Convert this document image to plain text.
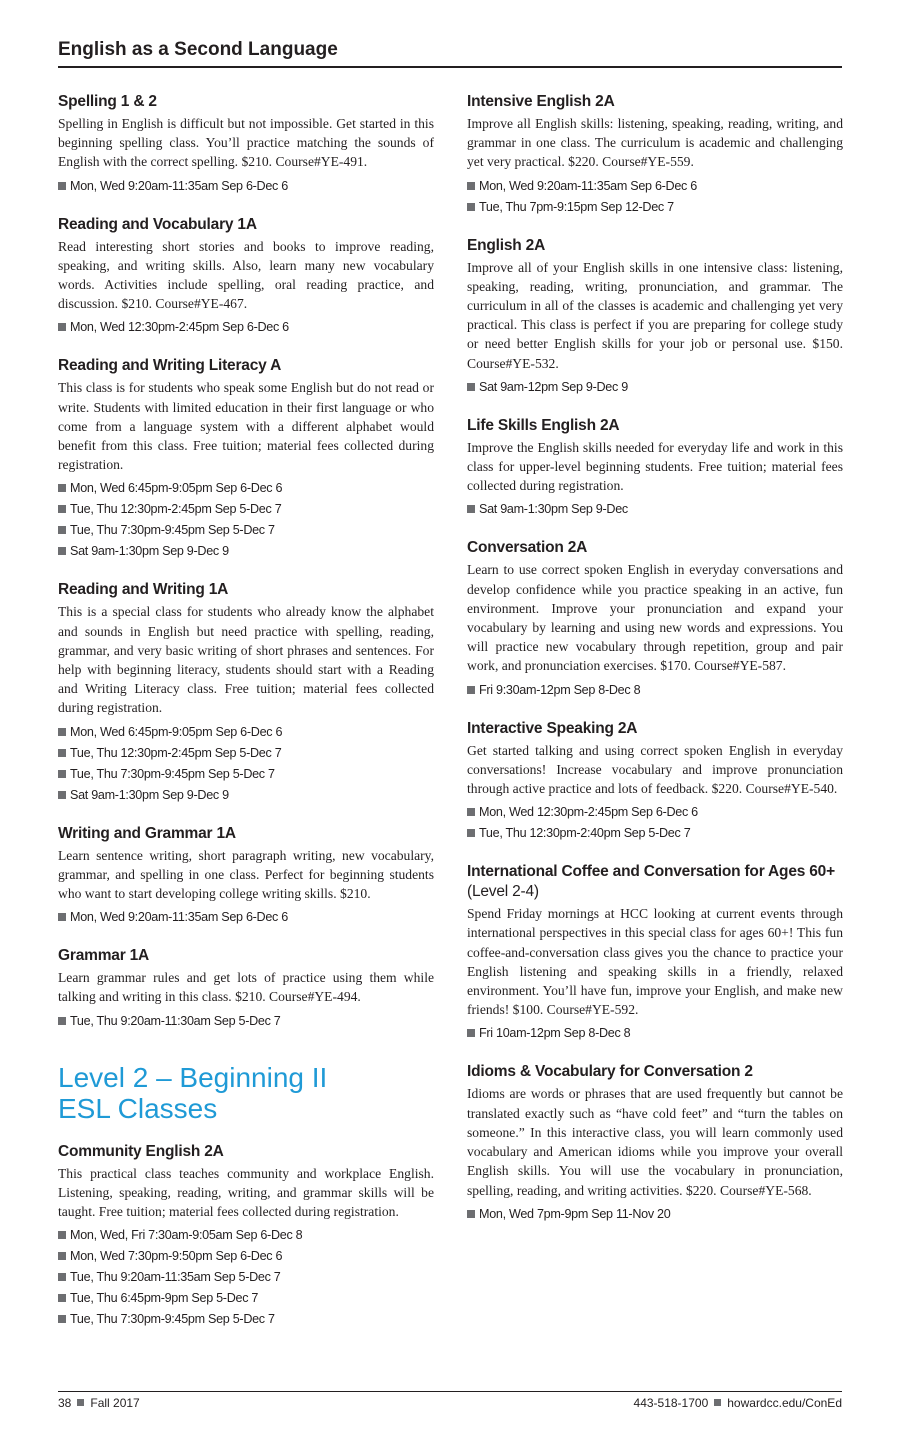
English as a Second Language
Spelling 1 & 2

Spelling in English is difficult but not impossible. Get started in this beginning spelling class. You’ll practice matching the sounds of English with the correct spelling. $210. Course#YE-491.

Mon, Wed 9:20am-11:35am Sep 6-Dec 6
Reading and Vocabulary 1A

Read interesting short stories and books to improve reading, speaking, and writing skills. Also, learn many new vocabulary words. Activities include spelling, oral reading practice, and discussion. $210. Course#YE-467.

Mon, Wed 12:30pm-2:45pm Sep 6-Dec 6
Reading and Writing Literacy A

This class is for students who speak some English but do not read or write. Students with limited education in their first language or who come from a language system with a different alphabet would benefit from this class. Free tuition; material fees collected during registration.

Mon, Wed 6:45pm-9:05pm Sep 6-Dec 6
Tue, Thu 12:30pm-2:45pm Sep 5-Dec 7
Tue, Thu 7:30pm-9:45pm Sep 5-Dec 7
Sat 9am-1:30pm Sep 9-Dec 9
Reading and Writing 1A

This is a special class for students who already know the alphabet and sounds in English but need practice with spelling, reading, grammar, and very basic writing of short phrases and sentences. For help with beginning literacy, students should start with a Reading and Writing Literacy class. Free tuition; material fees collected during registration.

Mon, Wed 6:45pm-9:05pm Sep 6-Dec 6
Tue, Thu 12:30pm-2:45pm Sep 5-Dec 7
Tue, Thu 7:30pm-9:45pm Sep 5-Dec 7
Sat 9am-1:30pm Sep 9-Dec 9
Writing and Grammar 1A

Learn sentence writing, short paragraph writing, new vocabulary, grammar, and spelling in one class. Perfect for beginning students who want to start developing college writing skills. $210.

Mon, Wed 9:20am-11:35am Sep 6-Dec 6
Grammar 1A

Learn grammar rules and get lots of practice using them while talking and writing in this class. $210. Course#YE-494.

Tue, Thu 9:20am-11:30am Sep 5-Dec 7
Level 2 – Beginning II
ESL Classes
Community English 2A

This practical class teaches community and workplace English. Listening, speaking, reading, writing, and grammar skills will be taught. Free tuition; material fees collected during registration.

Mon, Wed, Fri 7:30am-9:05am Sep 6-Dec 8
Mon, Wed 7:30pm-9:50pm Sep 6-Dec 6
Tue, Thu 9:20am-11:35am Sep 5-Dec 7
Tue, Thu 6:45pm-9pm Sep 5-Dec 7
Tue, Thu 7:30pm-9:45pm Sep 5-Dec 7
Intensive English 2A

Improve all English skills: listening, speaking, reading, writing, and grammar in one class. The curriculum is academic and challenging yet very practical. $220. Course#YE-559.

Mon, Wed 9:20am-11:35am Sep 6-Dec 6
Tue, Thu 7pm-9:15pm Sep 12-Dec 7
English 2A

Improve all of your English skills in one intensive class: listening, speaking, reading, writing, pronunciation, and grammar. The curriculum in all of the classes is academic and challenging yet very practical. This class is perfect if you are preparing for college study or need better English skills for your job or personal use. $150. Course#YE-532.

Sat 9am-12pm Sep 9-Dec 9
Life Skills English 2A

Improve the English skills needed for everyday life and work in this class for upper-level beginning students. Free tuition; material fees collected during registration.

Sat 9am-1:30pm Sep 9-Dec
Conversation 2A

Learn to use correct spoken English in everyday conversations and develop confidence while you practice speaking in an active, fun environment. Improve your pronunciation and expand your vocabulary by learning and using new words and expressions. You will practice new vocabulary through repetition, group and pair work, and pronunciation exercises. $170. Course#YE-587.

Fri 9:30am-12pm Sep 8-Dec 8
Interactive Speaking 2A

Get started talking and using correct spoken English in everyday conversations! Increase vocabulary and improve pronunciation through active practice and lots of feedback. $220. Course#YE-540.

Mon, Wed 12:30pm-2:45pm Sep 6-Dec 6
Tue, Thu 12:30pm-2:40pm Sep 5-Dec 7
International Coffee and Conversation for Ages 60+ (Level 2-4)

Spend Friday mornings at HCC looking at current events through international perspectives in this special class for ages 60+! This fun coffee-and-conversation class gives you the chance to practice your English listening and speaking skills in a friendly, relaxed environment. You’ll have fun, improve your English, and make new friends! $100. Course#YE-592.

Fri 10am-12pm Sep 8-Dec 8
Idioms & Vocabulary for Conversation 2

Idioms are words or phrases that are used frequently but cannot be translated exactly such as “have cold feet” and “turn the tables on someone.” In this interactive class, you will learn commonly used vocabulary and American idioms while you improve your overall English skills. You will use the vocabulary in pronunciation, spelling, reading, and writing activities. $220. Course#YE-568.

Mon, Wed 7pm-9pm Sep 11-Nov 20
38 Fall 2017	443-518-1700 howardcc.edu/ConEd
